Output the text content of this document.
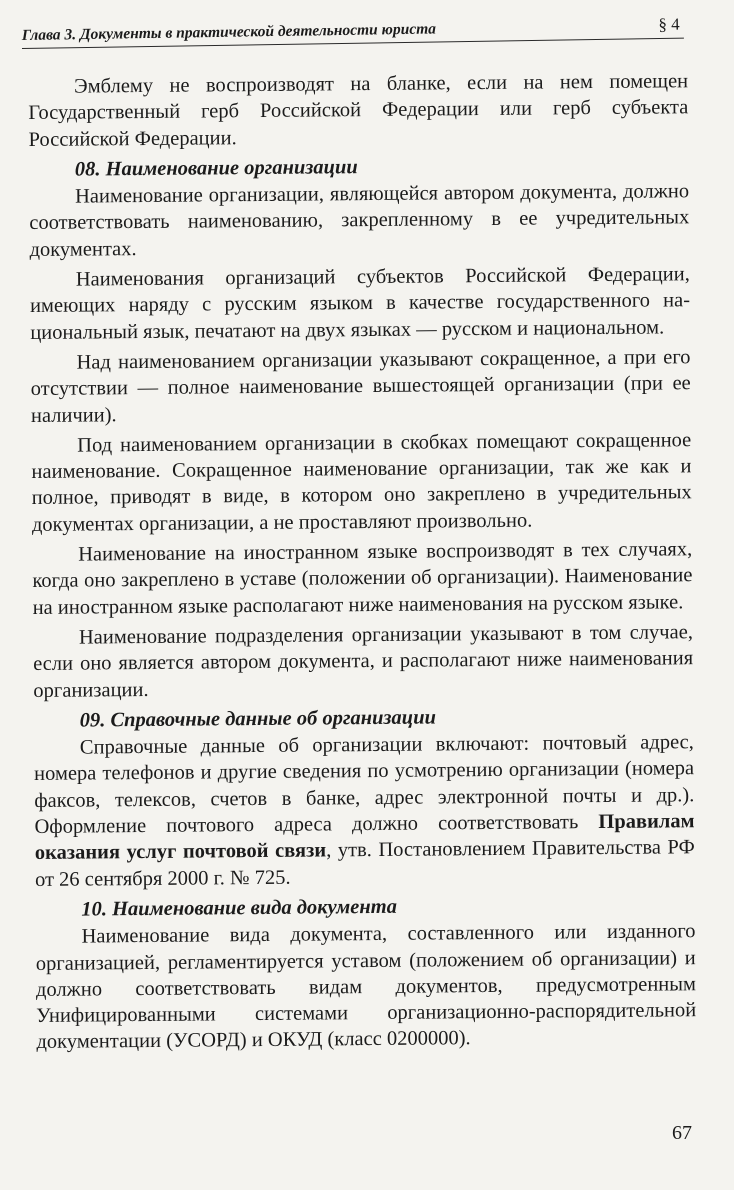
Глава 3. Документы в практической деятельности юриста	§ 4

Эмблему не воспроизводят на бланке, если на нем помещен Государственный герб Российской Федерации или герб субъекта Российской Федерации.

08. Наименование организации

Наименование организации, являющейся автором документа, должно соответствовать наименованию, закрепленному в ее учредительных документах.

Наименования организаций субъектов Российской Федерации, имеющих наряду с русским языком в качестве государственного национальный язык, печатают на двух языках — русском и национальном.

Над наименованием организации указывают сокращенное, а при его отсутствии — полное наименование вышестоящей организации (при ее наличии).

Под наименованием организации в скобках помещают сокращенное наименование. Сокращенное наименование организации, так же как и полное, приводят в виде, в котором оно закреплено в учредительных документах организации, а не проставляют произвольно.

Наименование на иностранном языке воспроизводят в тех случаях, когда оно закреплено в уставе (положении об организации). Наименование на иностранном языке располагают ниже наименования на русском языке.

Наименование подразделения организации указывают в том случае, если оно является автором документа, и располагают ниже наименования организации.

09. Справочные данные об организации

Справочные данные об организации включают: почтовый адрес, номера телефонов и другие сведения по усмотрению организации (номера факсов, телексов, счетов в банке, адрес электронной почты и др.). Оформление почтового адреса должно соответствовать Правилам оказания услуг почтовой связи, утв. Постановлением Правительства РФ от 26 сентября 2000 г. № 725.

10. Наименование вида документа

Наименование вида документа, составленного или изданного организацией, регламентируется уставом (положением об организации) и должно соответствовать видам документов, предусмотренным Унифицированными системами организационно-распорядительной документации (УСОРД) и ОКУД (класс 0200000).

67
